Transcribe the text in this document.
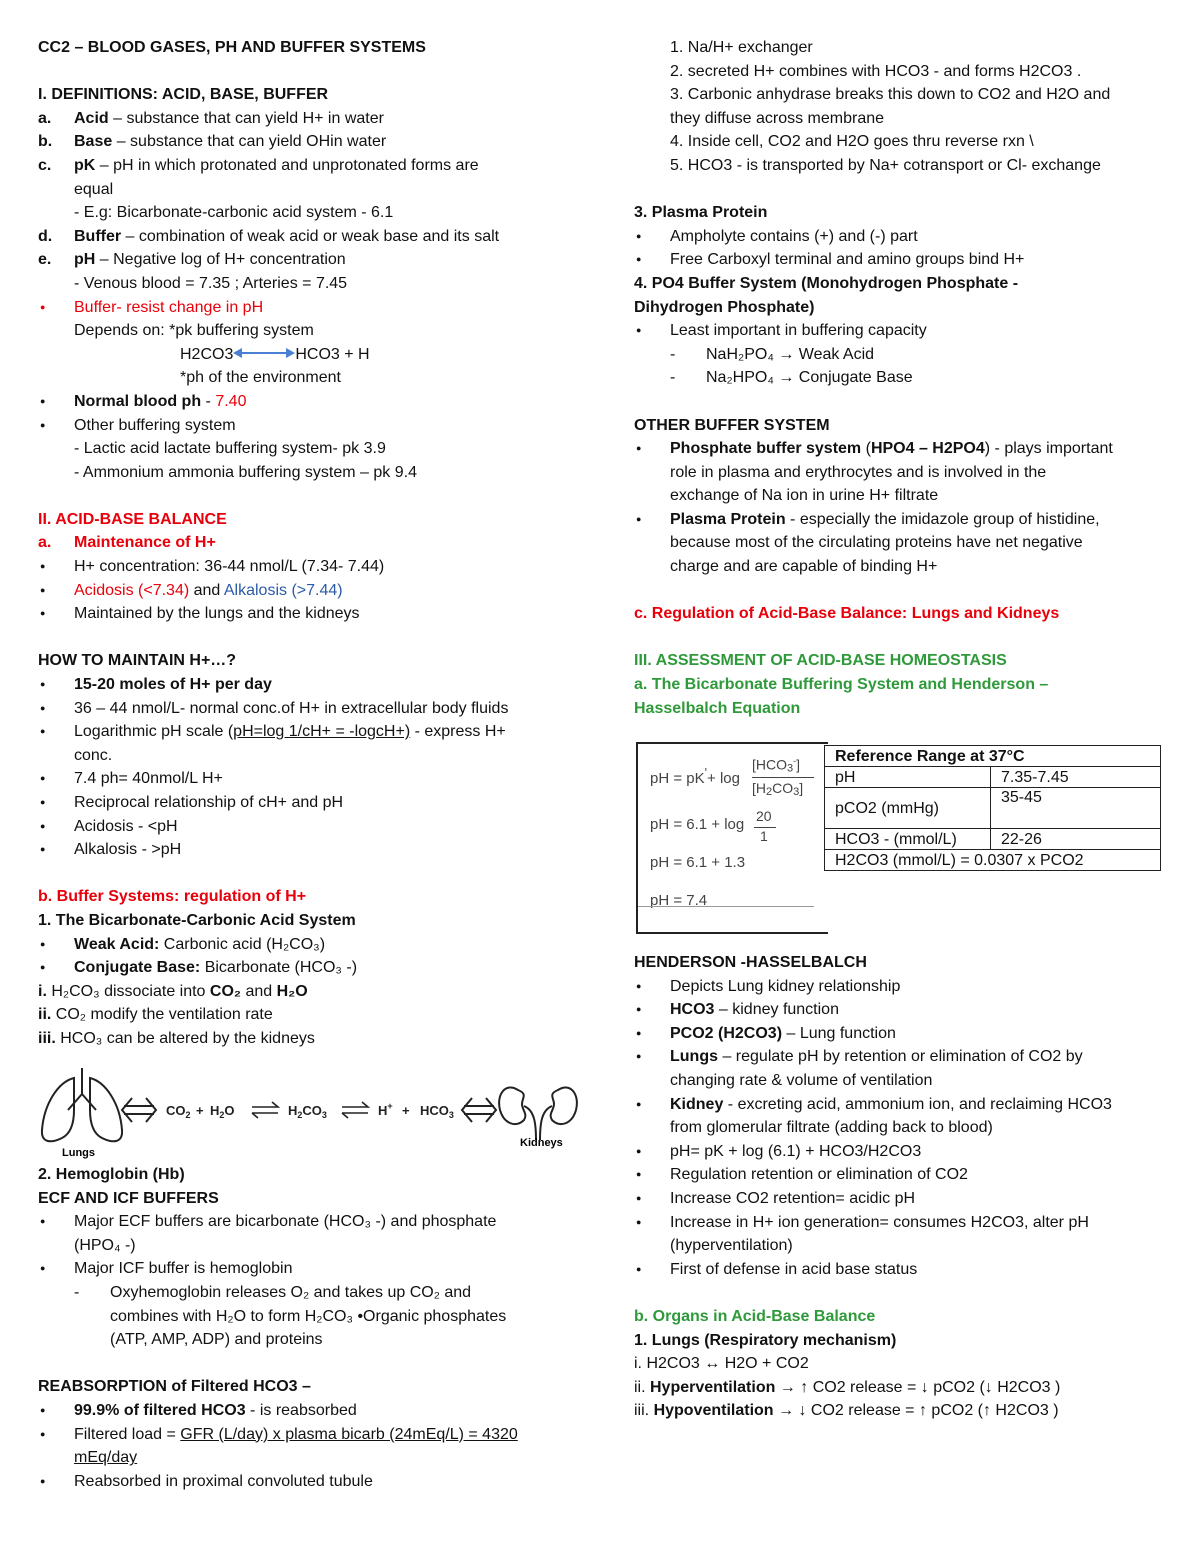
CC2 – BLOOD GASES, PH AND BUFFER SYSTEMS
I. DEFINITIONS: ACID, BASE, BUFFER
a. Acid – substance that can yield H+ in water
b. Base – substance that can yield OHin water
c. pK – pH in which protonated and unprotonated forms are
equal
- E.g: Bicarbonate-carbonic acid system - 6.1
d. Buffer – combination of weak acid or weak base and its salt
e. pH – Negative log of H+ concentration
- Venous blood = 7.35 ; Arteries = 7.45
●Buffer- resist change in pH
Depends on: *pk buffering system
H2CO3	HCO3 + H
*ph of the environment
●Normal blood ph - 7.40
●Other buffering system
- Lactic acid lactate buffering system- pk 3.9
- Ammonium ammonia buffering system – pk 9.4
II. ACID-BASE BALANCE
a. Maintenance of H+
●H+ concentration: 36-44 nmol/L (7.34- 7.44)
●Acidosis (<7.34) and Alkalosis (>7.44)
●Maintained by the lungs and the kidneys
HOW TO MAINTAIN H+…?
●15-20 moles of H+ per day
●36 – 44 nmol/L- normal conc.of H+ in extracellular body fluids
●Logarithmic pH scale (pH=log 1/cH+ = -logcH+) - express H+
conc.
●7.4 ph= 40nmol/L H+
●Reciprocal relationship of cH+ and pH
●Acidosis - <pH
●Alkalosis - >pH
b. Buffer Systems: regulation of H+
1. The Bicarbonate-Carbonic Acid System
●Weak Acid: Carbonic acid (H₂CO₃)
●Conjugate Base: Bicarbonate (HCO₃ -)
i. H₂CO₃ dissociate into CO₂ and H₂O
ii. CO₂ modify the ventilation rate
iii. HCO₃ can be altered by the kidneys
Lungs
$CO_2 + H_2O$	$H_2CO_3$	$H^+ + HCO_3$
Kidneys
2. Hemoglobin (Hb)
ECF AND ICF BUFFERS
●Major ECF buffers are bicarbonate (HCO₃ -) and phosphate
(HPO₄ -)
●Major ICF buffer is hemoglobin
- Oxyhemoglobin releases O₂ and takes up CO₂ and
combines with H₂O to form H₂CO₃ •Organic phosphates
(ATP, AMP, ADP) and proteins
REABSORPTION of Filtered HCO3 –
●99.9% of filtered HCO3 - is reabsorbed
●Filtered load = GFR (L/day) x plasma bicarb (24mEq/L) = 4320
mEq/day
●Reabsorbed in proximal convoluted tubule
1. Na/H+ exchanger
2. secreted H+ combines with HCO3 - and forms H2CO3 .
3. Carbonic anhydrase breaks this down to CO2 and H2O and
they diffuse across membrane
4. Inside cell, CO2 and H2O goes thru reverse rxn \
5. HCO3 - is transported by Na+ cotransport or Cl- exchange
3. Plasma Protein
●Ampholyte contains (+) and (-) part
●Free Carboxyl terminal and amino groups bind H+
4. PO4 Buffer System (Monohydrogen Phosphate -
Dihydrogen Phosphate)
●Least important in buffering capacity
- NaH₂PO₄ → Weak Acid
- Na₂HPO₄ → Conjugate Base
OTHER BUFFER SYSTEM
●Phosphate buffer system (HPO4 – H2PO4) - plays important
role in plasma and erythrocytes and is involved in the
exchange of Na ion in urine H+ filtrate
●Plasma Protein - especially the imidazole group of histidine,
because most of the circulating proteins have net negative
charge and are capable of binding H+
c. Regulation of Acid-Base Balance: Lungs and Kidneys
III. ASSESSMENT OF ACID-BASE HOMEOSTASIS
a. The Bicarbonate Buffering System and Henderson –
Hasselbalch Equation
pH = pK'+ log
$[HCO_3^-]$
$[H_2CO_3]$
pH = 6.1 + log 20
1
pH = 6.1 + 1.3
pH = 7.4
Reference Range at 37°C	
pH	7.35-7.45
pCO2 (mmHg)	35-45
HCO3 - (mmol/L)	22-26
H2CO3 (mmol/L) = 0.0307 x PCO2	
HENDERSON -HASSELBALCH
●Depicts Lung kidney relationship
●HCO3 – kidney function
●PCO2 (H2CO3) – Lung function
●Lungs – regulate pH by retention or elimination of CO2 by
changing rate & volume of ventilation
●Kidney - excreting acid, ammonium ion, and reclaiming HCO3
from glomerular filtrate (adding back to blood)
●pH= pK + log (6.1) + HCO3/H2CO3
●Regulation retention or elimination of CO2
●Increase CO2 retention= acidic pH
●Increase in H+ ion generation= consumes H2CO3, alter pH
(hyperventilation)
●First of defense in acid base status
b. Organs in Acid-Base Balance
1. Lungs (Respiratory mechanism)
i. H2CO3 ↔ H2O + CO2
ii. Hyperventilation → ↑ CO2 release = ↓ pCO2 (↓ H2CO3 )
iii. Hypoventilation → ↓ CO2 release = ↑ pCO2 (↑ H2CO3 )
